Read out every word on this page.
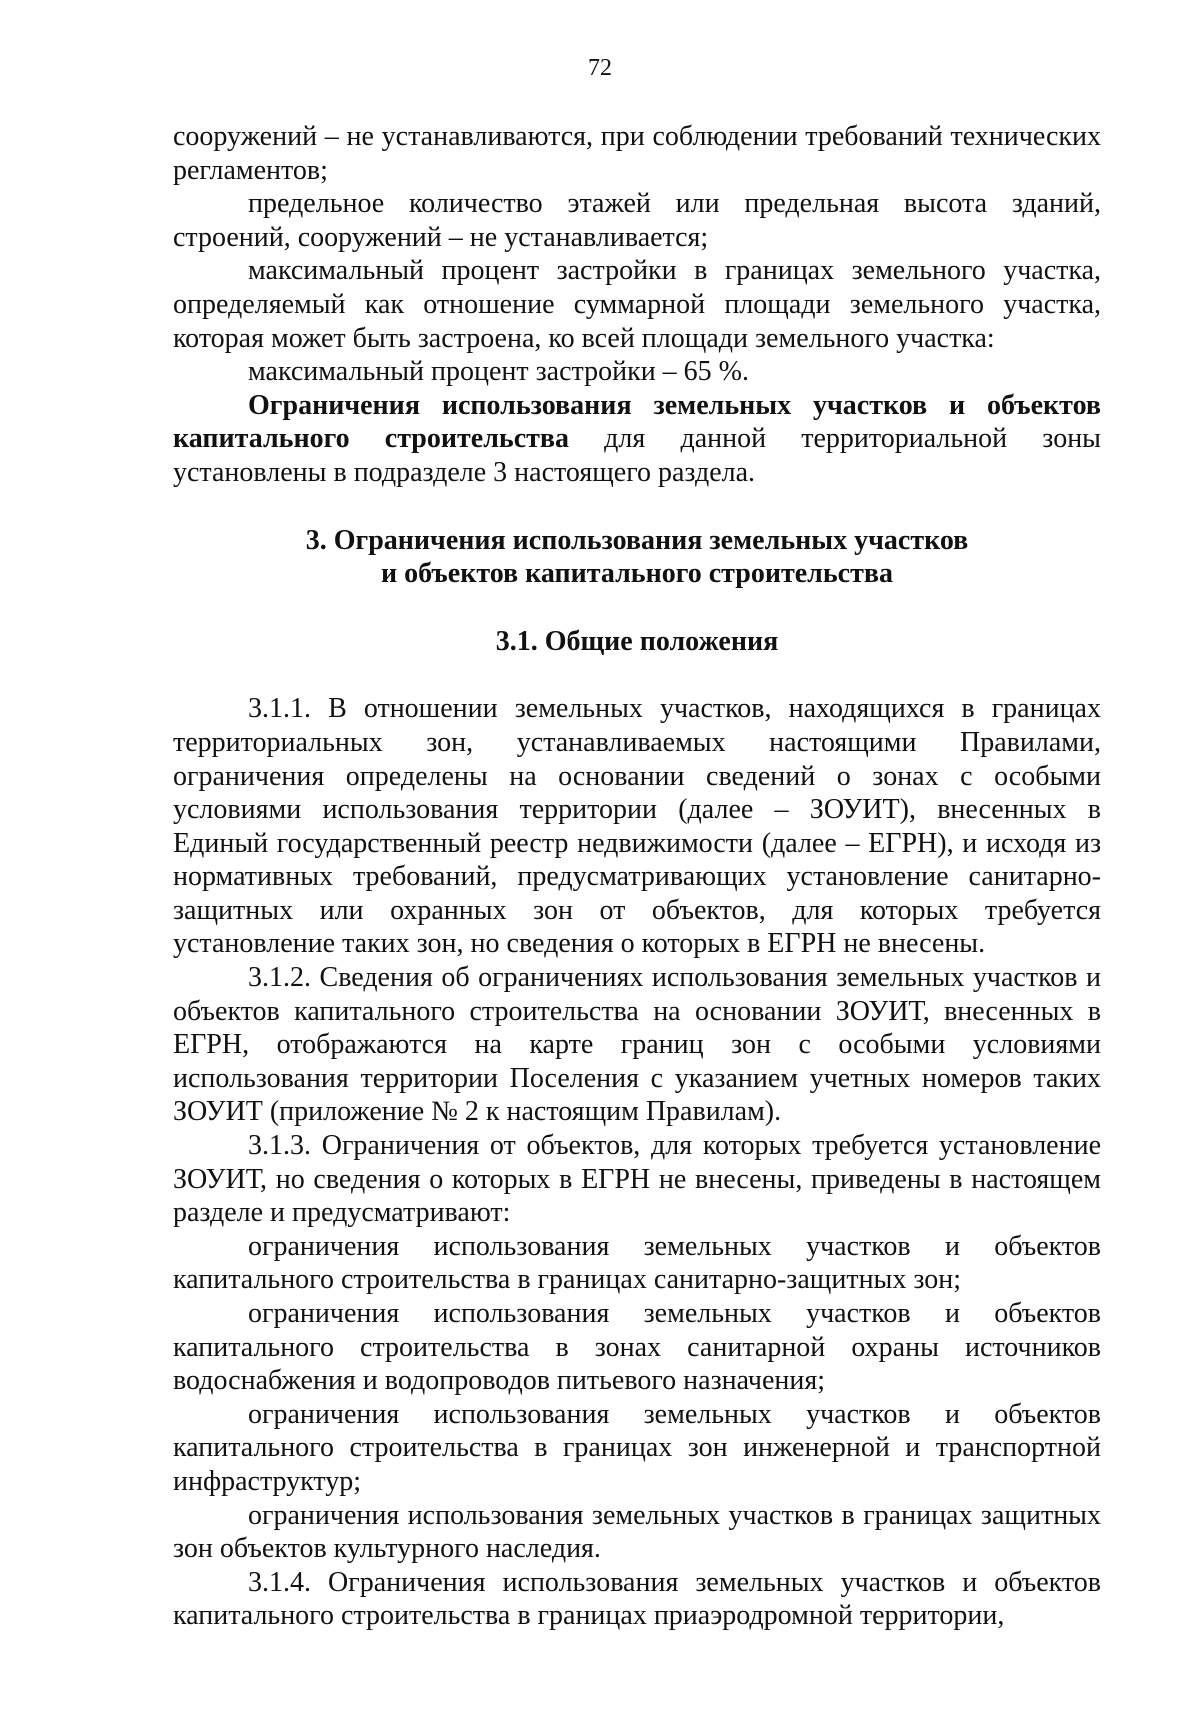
72

сооружений – не устанавливаются, при соблюдении требований технических регламентов;

предельное количество этажей или предельная высота зданий, строений, сооружений – не устанавливается;

максимальный процент застройки в границах земельного участка, определяемый как отношение суммарной площади земельного участка, которая может быть застроена, ко всей площади земельного участка:

максимальный процент застройки – 65 %.

Ограничения использования земельных участков и объектов капитального строительства для данной территориальной зоны установлены в подразделе 3 настоящего раздела.

3. Ограничения использования земельных участков

и объектов капитального строительства

3.1. Общие положения

3.1.1. В отношении земельных участков, находящихся в границах территориальных зон, устанавливаемых настоящими Правилами, ограничения определены на основании сведений о зонах с особыми условиями использования территории (далее – ЗОУИТ), внесенных в Единый государственный реестр недвижимости (далее – ЕГРН), и исходя из нормативных требований, предусматривающих установление санитарно-защитных или охранных зон от объектов, для которых требуется установление таких зон, но сведения о которых в ЕГРН не внесены.

3.1.2. Сведения об ограничениях использования земельных участков и объектов капитального строительства на основании ЗОУИТ, внесенных в ЕГРН, отображаются на карте границ зон с особыми условиями использования территории Поселения с указанием учетных номеров таких ЗОУИТ (приложение № 2 к настоящим Правилам).

3.1.3. Ограничения от объектов, для которых требуется установление ЗОУИТ, но сведения о которых в ЕГРН не внесены, приведены в настоящем разделе и предусматривают:

ограничения использования земельных участков и объектов капитального строительства в границах санитарно-защитных зон;

ограничения использования земельных участков и объектов капитального строительства в зонах санитарной охраны источников водоснабжения и водопроводов питьевого назначения;

ограничения использования земельных участков и объектов капитального строительства в границах зон инженерной и транспортной инфраструктур;

ограничения использования земельных участков в границах защитных зон объектов культурного наследия.

3.1.4. Ограничения использования земельных участков и объектов капитального строительства в границах приаэродромной территории,
